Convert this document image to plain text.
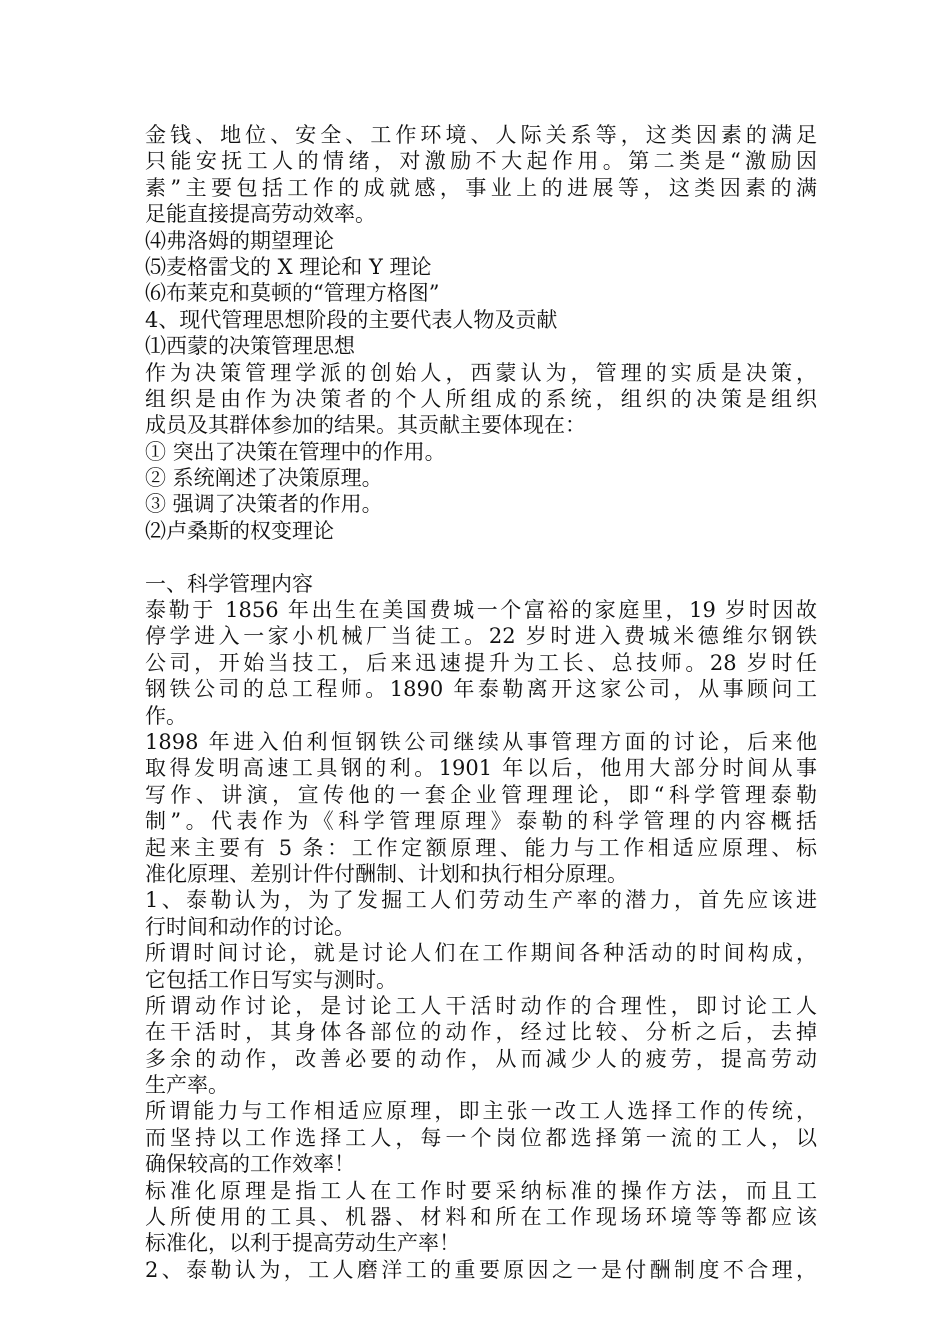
金钱、地位、安全、工作环境、人际关系等，这类因素的满足
只能安抚工人的情绪，对激励不大起作用。第二类是“激励因
素”主要包括工作的成就感，事业上的进展等，这类因素的满
足能直接提高劳动效率。
⑷弗洛姆的期望理论
⑸麦格雷戈的 X 理论和 Y 理论
⑹布莱克和莫顿的“管理方格图”
4、现代管理思想阶段的主要代表人物及贡献
⑴西蒙的决策管理思想
作为决策管理学派的创始人，西蒙认为，管理的实质是决策，
组织是由作为决策者的个人所组成的系统，组织的决策是组织
成员及其群体参加的结果。其贡献主要体现在：
① 突出了决策在管理中的作用。
② 系统阐述了决策原理。
③ 强调了决策者的作用。
⑵卢桑斯的权变理论
一、科学管理内容
泰勒于 1856 年出生在美国费城一个富裕的家庭里，19 岁时因故
停学进入一家小机械厂当徒工。22 岁时进入费城米德维尔钢铁
公司，开始当技工，后来迅速提升为工长、总技师。28 岁时任
钢铁公司的总工程师。1890 年泰勒离开这家公司，从事顾问工
作。
1898 年进入伯利恒钢铁公司继续从事管理方面的讨论，后来他
取得发明高速工具钢的利。1901 年以后，他用大部分时间从事
写作、讲演，宣传他的一套企业管理理论，即“科学管理泰勒
制”。代表作为《科学管理原理》泰勒的科学管理的内容概括
起来主要有 5 条：工作定额原理、能力与工作相适应原理、标
准化原理、差别计件付酬制、计划和执行相分原理。
1、泰勒认为，为了发掘工人们劳动生产率的潜力，首先应该进
行时间和动作的讨论。
所谓时间讨论，就是讨论人们在工作期间各种活动的时间构成，
它包括工作日写实与测时。
所谓动作讨论，是讨论工人干活时动作的合理性，即讨论工人
在干活时，其身体各部位的动作，经过比较、分析之后，去掉
多余的动作，改善必要的动作，从而减少人的疲劳，提高劳动
生产率。
所谓能力与工作相适应原理，即主张一改工人选择工作的传统，
而坚持以工作选择工人，每一个岗位都选择第一流的工人，以
确保较高的工作效率！
标准化原理是指工人在工作时要采纳标准的操作方法，而且工
人所使用的工具、机器、材料和所在工作现场环境等等都应该
标准化，以利于提高劳动生产率！
2、泰勒认为，工人磨洋工的重要原因之一是付酬制度不合理，
